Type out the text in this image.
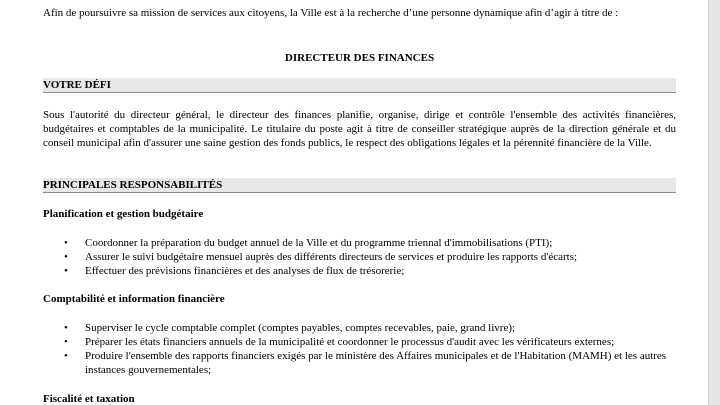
Afin de poursuivre sa mission de services aux citoyens, la Ville est à la recherche d’une personne dynamique afin d’agir à titre de :

DIRECTEUR DES FINANCES

VOTRE DÉFI

Sous l'autorité du directeur général, le directeur des finances planifie, organise, dirige et contrôle l'ensemble des activités financières, budgétaires et comptables de la municipalité. Le titulaire du poste agit à titre de conseiller stratégique auprès de la direction générale et du conseil municipal afin d'assurer une saine gestion des fonds publics, le respect des obligations légales et la pérennité financière de la Ville.

PRINCIPALES RESPONSABILITÉS

Planification et gestion budgétaire

• Coordonner la préparation du budget annuel de la Ville et du programme triennal d'immobilisations (PTI);
• Assurer le suivi budgétaire mensuel auprès des différents directeurs de services et produire les rapports d'écarts;
• Effectuer des prévisions financières et des analyses de flux de trésorerie;

Comptabilité et information financière

• Superviser le cycle comptable complet (comptes payables, comptes recevables, paie, grand livre);
• Préparer les états financiers annuels de la municipalité et coordonner le processus d'audit avec les vérificateurs externes;
• Produire l'ensemble des rapports financiers exigés par le ministère des Affaires municipales et de l'Habitation (MAMH) et les autres instances gouvernementales;

Fiscalité et taxation
